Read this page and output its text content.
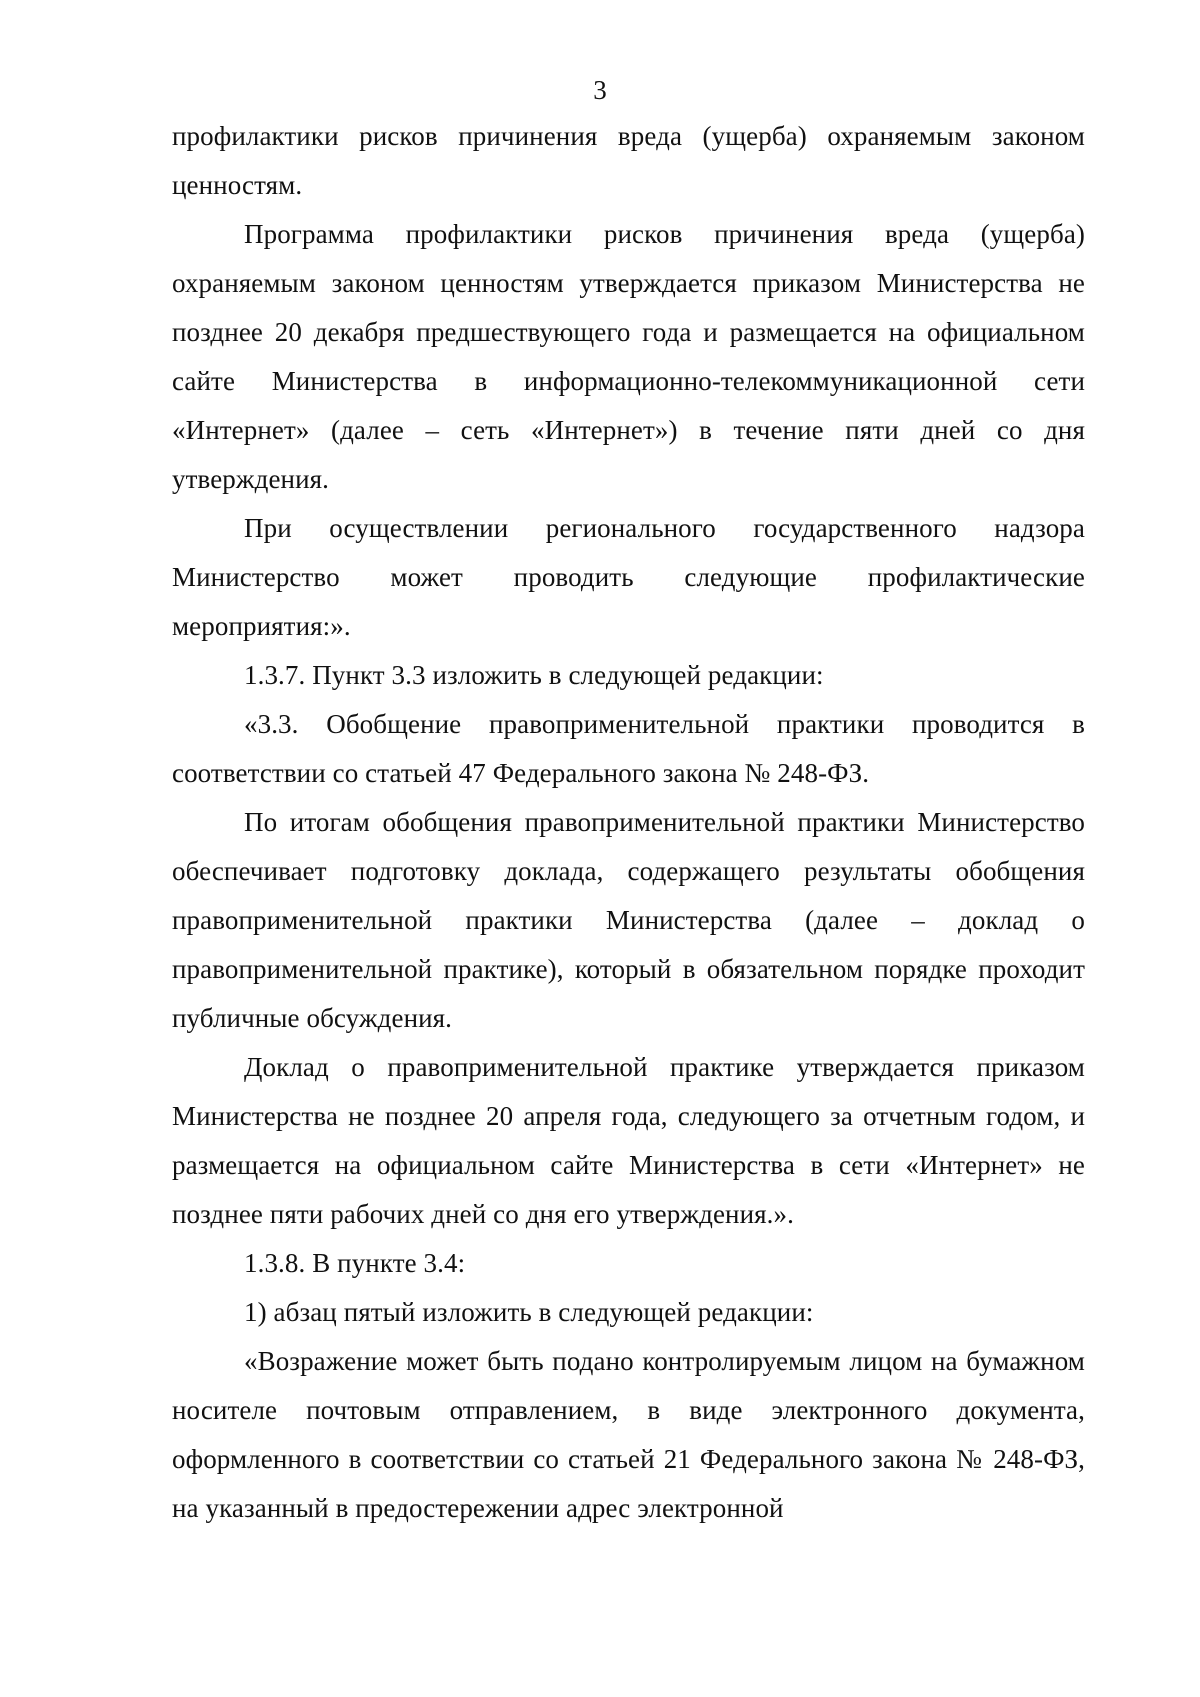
3

профилактики рисков причинения вреда (ущерба) охраняемым законом ценностям.

Программа профилактики рисков причинения вреда (ущерба) охраняемым законом ценностям утверждается приказом Министерства не позднее 20 декабря предшествующего года и размещается на официальном сайте Министерства в информационно-телекоммуникационной сети «Интернет» (далее – сеть «Интернет») в течение пяти дней со дня утверждения.

При осуществлении регионального государственного надзора Министерство может проводить следующие профилактические мероприятия:».

1.3.7. Пункт 3.3 изложить в следующей редакции:

«3.3. Обобщение правоприменительной практики проводится в соответствии со статьей 47 Федерального закона № 248-ФЗ.

По итогам обобщения правоприменительной практики Министерство обеспечивает подготовку доклада, содержащего результаты обобщения правоприменительной практики Министерства (далее – доклад о правоприменительной практике), который в обязательном порядке проходит публичные обсуждения.

Доклад о правоприменительной практике утверждается приказом Министерства не позднее 20 апреля года, следующего за отчетным годом, и размещается на официальном сайте Министерства в сети «Интернет» не позднее пяти рабочих дней со дня его утверждения.».

1.3.8. В пункте 3.4:

1) абзац пятый изложить в следующей редакции:

«Возражение может быть подано контролируемым лицом на бумажном носителе почтовым отправлением, в виде электронного документа, оформленного в соответствии со статьей 21 Федерального закона № 248-ФЗ, на указанный в предостережении адрес электронной
